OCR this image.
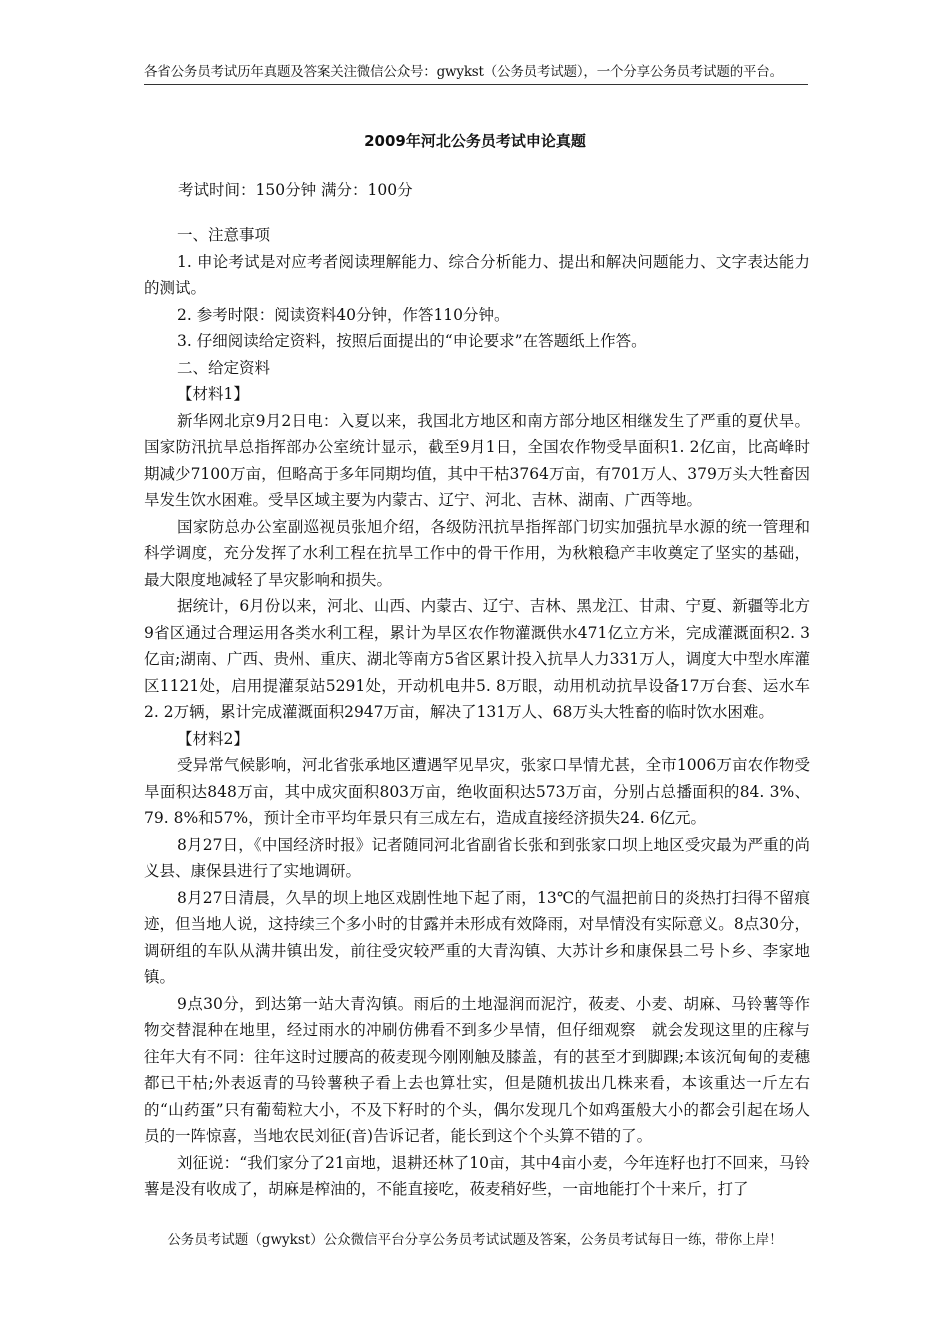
各省公务员考试历年真题及答案关注微信公众号：gwykst（公务员考试题），一个分享公务员考试题的平台。
2009年河北公务员考试申论真题
考试时间：150分钟 满分：100分

一、注意事项

1. 申论考试是对应考者阅读理解能力、综合分析能力、提出和解决问题能力、文字表达能力的测试。

2. 参考时限：阅读资料40分钟，作答110分钟。

3. 仔细阅读给定资料，按照后面提出的“申论要求”在答题纸上作答。

二、给定资料

【材料1】

新华网北京9月2日电：入夏以来，我国北方地区和南方部分地区相继发生了严重的夏伏旱。国家防汛抗旱总指挥部办公室统计显示，截至9月1日，全国农作物受旱面积1. 2亿亩，比高峰时期减少7100万亩，但略高于多年同期均值，其中干枯3764万亩，有701万人、379万头大牲畜因旱发生饮水困难。受旱区域主要为内蒙古、辽宁、河北、吉林、湖南、广西等地。

国家防总办公室副巡视员张旭介绍，各级防汛抗旱指挥部门切实加强抗旱水源的统一管理和科学调度，充分发挥了水利工程在抗旱工作中的骨干作用，为秋粮稳产丰收奠定了坚实的基础，最大限度地减轻了旱灾影响和损失。

据统计，6月份以来，河北、山西、内蒙古、辽宁、吉林、黑龙江、甘肃、宁夏、新疆等北方9省区通过合理运用各类水利工程，累计为旱区农作物灌溉供水471亿立方米，完成灌溉面积2. 3亿亩;湖南、广西、贵州、重庆、湖北等南方5省区累计投入抗旱人力331万人，调度大中型水库灌区1121处，启用提灌泵站5291处，开动机电井5. 8万眼，动用机动抗旱设备17万台套、运水车2. 2万辆，累计完成灌溉面积2947万亩，解决了131万人、68万头大牲畜的临时饮水困难。

【材料2】

受异常气候影响，河北省张承地区遭遇罕见旱灾，张家口旱情尤甚，全市1006万亩农作物受旱面积达848万亩，其中成灾面积803万亩，绝收面积达573万亩，分别占总播面积的84. 3%、79. 8%和57%，预计全市平均年景只有三成左右，造成直接经济损失24. 6亿元。

8月27日，《中国经济时报》记者随同河北省副省长张和到张家口坝上地区受灾最为严重的尚义县、康保县进行了实地调研。

8月27日清晨，久旱的坝上地区戏剧性地下起了雨，13℃的气温把前日的炎热打扫得不留痕迹，但当地人说，这持续三个多小时的甘露并未形成有效降雨，对旱情没有实际意义。8点30分，调研组的车队从满井镇出发，前往受灾较严重的大青沟镇、大苏计乡和康保县二号卜乡、李家地镇。

9点30分，到达第一站大青沟镇。雨后的土地湿润而泥泞，莜麦、小麦、胡麻、马铃薯等作物交替混种在地里，经过雨水的冲刷仿佛看不到多少旱情，但仔细观察　就会发现这里的庄稼与往年大有不同：往年这时过腰高的莜麦现今刚刚触及膝盖，有的甚至才到脚踝;本该沉甸甸的麦穗都已干枯;外表返青的马铃薯秧子看上去也算壮实，但是随机拔出几株来看，本该重达一斤左右的“山药蛋”只有葡萄粒大小，不及下籽时的个头，偶尔发现几个如鸡蛋般大小的都会引起在场人员的一阵惊喜，当地农民刘征(音)告诉记者，能长到这个个头算不错的了。

刘征说：“我们家分了21亩地，退耕还林了10亩，其中4亩小麦，今年连籽也打不回来，马铃薯是没有收成了，胡麻是榨油的，不能直接吃，莜麦稍好些，一亩地能打个十来斤，打了

公务员考试题（gwykst）公众微信平台分享公务员考试试题及答案，公务员考试每日一练，带你上岸！
